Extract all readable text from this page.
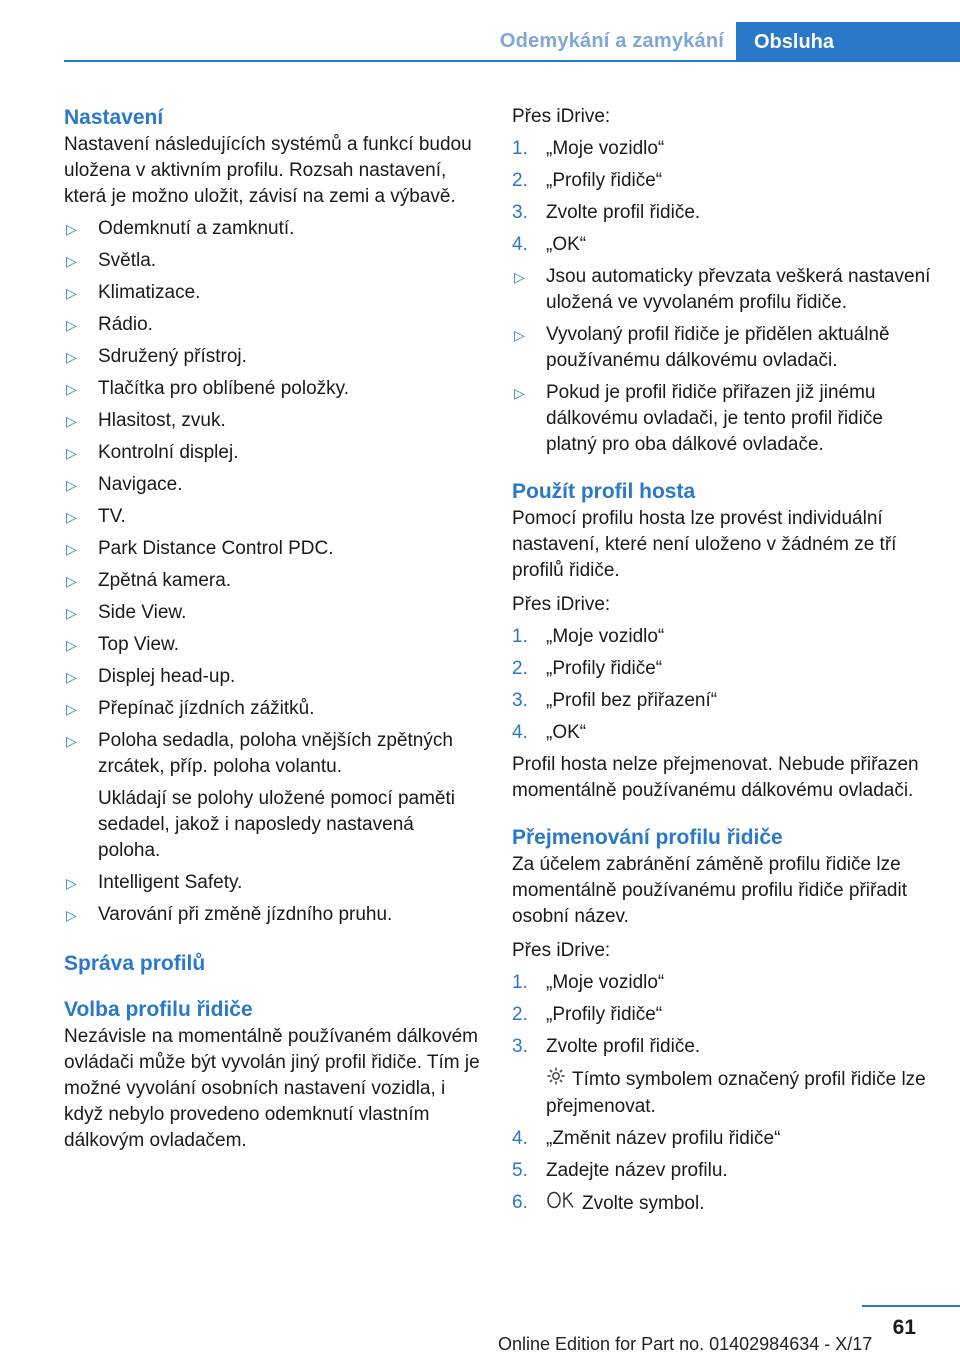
Odemykání a zamykání	Obsluha
Nastavení

Nastavení následujících systémů a funkcí budou uložena v aktivním profilu. Rozsah nastavení, která je možno uložit, závisí na zemi a výbavě.

▷ Odemknutí a zamknutí.
▷ Světla.
▷ Klimatizace.
▷ Rádio.
▷ Sdružený přístroj.
▷ Tlačítka pro oblíbené položky.
▷ Hlasitost, zvuk.
▷ Kontrolní displej.
▷ Navigace.
▷ TV.
▷ Park Distance Control PDC.
▷ Zpětná kamera.
▷ Side View.
▷ Top View.
▷ Displej head-up.
▷ Přepínač jízdních zážitků.
▷ Poloha sedadla, poloha vnějších zpětných zrcátek, příp. poloha volantu.

Ukládají se polohy uložené pomocí paměti sedadel, jakož i naposledy nastavená poloha.

▷ Intelligent Safety.
▷ Varování při změně jízdního pruhu.
Správa profilů
Volba profilu řidiče

Nezávisle na momentálně používaném dálkovém ovládači může být vyvolán jiný profil řidiče. Tím je možné vyvolání osobních nastavení vozidla, i když nebylo provedeno odemknutí vlastním dálkovým ovladačem.

Přes iDrive:

1. „Moje vozidlo“
2. „Profily řidiče“
3. Zvolte profil řidiče.
4. „OK“
▷ Jsou automaticky převzata veškerá nastavení uložená ve vyvolaném profilu řidiče.
▷ Vyvolaný profil řidiče je přidělen aktuálně používanému dálkovému ovladači.
▷ Pokud je profil řidiče přiřazen již jinému dálkovému ovladači, je tento profil řidiče platný pro oba dálkové ovladače.
Použít profil hosta

Pomocí profilu hosta lze provést individuální nastavení, které není uloženo v žádném ze tří profilů řidiče.

Přes iDrive:

1. „Moje vozidlo“
2. „Profily řidiče“
3. „Profil bez přiřazení“
4. „OK“

Profil hosta nelze přejmenovat. Nebude přiřazen momentálně používanému dálkovému ovladači.

Přejmenování profilu řidiče

Za účelem zabránění záměně profilu řidiče lze momentálně používanému profilu řidiče přiřadit osobní název.

Přes iDrive:

1. „Moje vozidlo“
2. „Profily řidiče“
3. Zvolte profil řidiče.

Tímto symbolem označený profil řidiče lze přejmenovat.

4. „Změnit název profilu řidiče“
5. Zadejte název profilu.
6.	Zvolte symbol.
61
Online Edition for Part no. 01402984634 - X/17
